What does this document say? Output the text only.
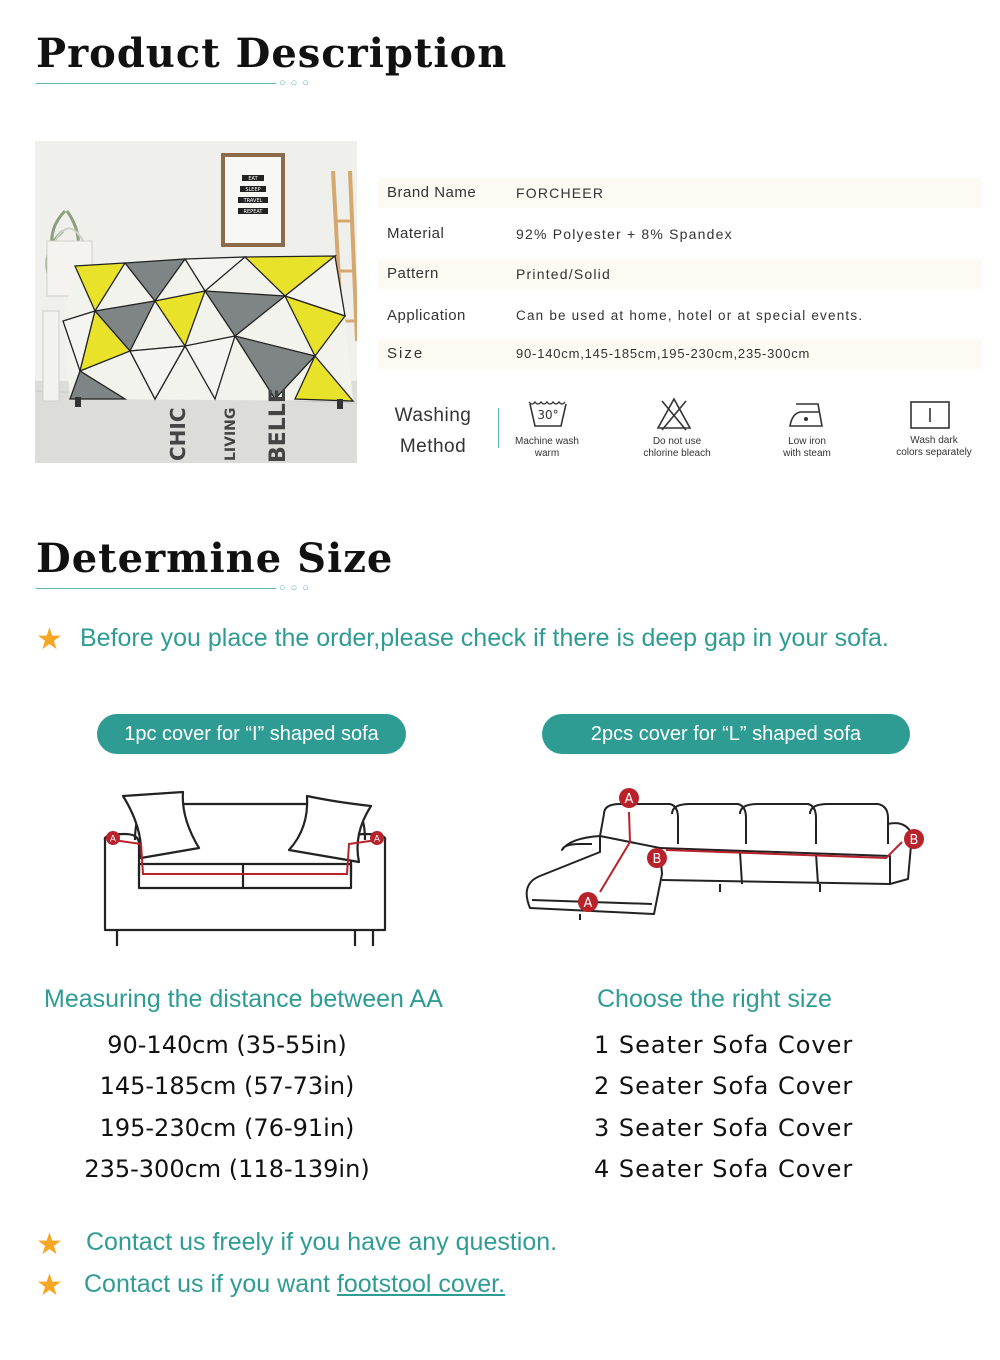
Product Description
○○○
EAT
SLEEP
TRAVEL
REPEAT
CHIC LIVING BELLE
Brand Name	FORCHEER
Material	92% Polyester + 8% Spandex
Pattern	Printed/Solid
Application	Can be used at home, hotel or at special events.
Size	90-140cm,145-185cm,195-230cm,235-300cm
Washing
Method
30°
Machine wash
warm
Do not use
chlorine bleach
Low iron
with steam
Wash dark
colors separately
Determine Size
○○○
★ Before you place the order,please check if there is deep gap in your sofa.
1pc cover for “I” shaped sofa	2pcs cover for “L” shaped sofa
A	A
A
B
A
B
Measuring the distance between AA	Choose the right size
90-140cm (35-55in)
145-185cm (57-73in)
195-230cm (76-91in)
235-300cm (118-139in)
1 Seater Sofa Cover
2 Seater Sofa Cover
3 Seater Sofa Cover
4 Seater Sofa Cover
★ Contact us freely if you have any question.
★ Contact us if you want footstool cover.
